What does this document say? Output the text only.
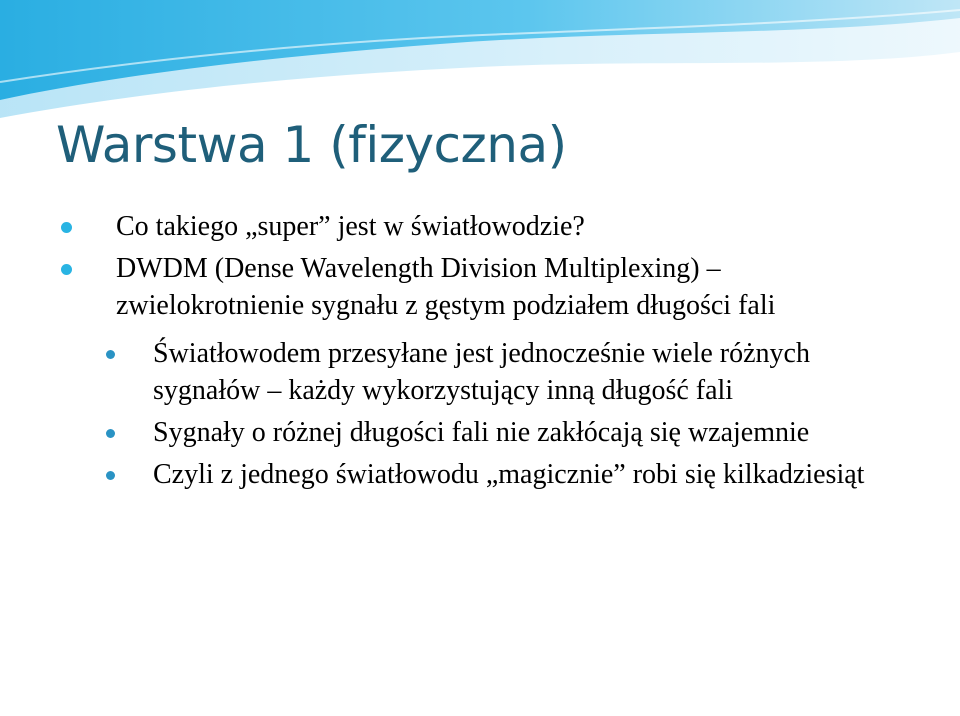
Warstwa 1 (fizyczna)
Co takiego „super” jest w światłowodzie?
DWDM (Dense Wavelength Division Multiplexing) – zwielokrotnienie sygnału z gęstym podziałem długości fali
Światłowodem przesyłane jest jednocześnie wiele różnych sygnałów – każdy wykorzystujący inną długość fali
Sygnały o różnej długości fali nie zakłócają się wzajemnie
Czyli z jednego światłowodu „magicznie” robi się kilkadziesiąt
